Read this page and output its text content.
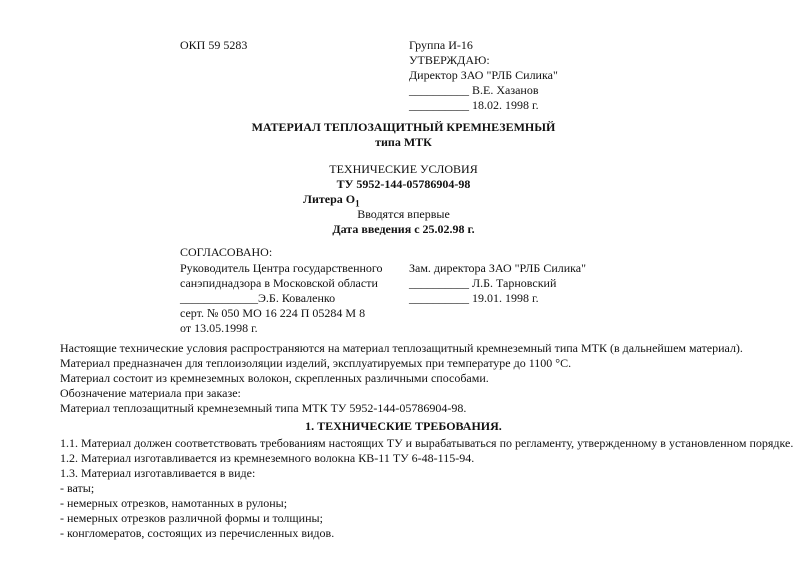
ОКП 59 5283	Группа И-16
УТВЕРЖДАЮ:
Директор ЗАО "РЛБ Силика"
__________ В.Е. Хазанов
__________ 18.02. 1998 г.
МАТЕРИАЛ ТЕПЛОЗАЩИТНЫЙ КРЕМНЕЗЕМНЫЙ
типа МТК
ТЕХНИЧЕСКИЕ УСЛОВИЯ
ТУ 5952-144-05786904-98
Литера $О_1$
Вводятся впервые
Дата введения с 25.02.98 г.
СОГЛАСОВАНО:
Руководитель Центра государственного
санэпиднадзора в Московской области
_____________Э.Б. Коваленко
серт. № 050 МО 16 224 П 05284 М 8
от 13.05.1998 г.
Зам. директора ЗАО "РЛБ Силика"
__________ Л.Б. Тарновский
__________ 19.01. 1998 г.
Настоящие технические условия распространяются на материал теплозащитный кремнеземный типа МТК (в дальнейшем материал).
Материал предназначен для теплоизоляции изделий, эксплуатируемых при температуре до 1100 °С.
Материал состоит из кремнеземных волокон, скрепленных различными способами.
Обозначение материала при заказе:
Материал теплозащитный кремнеземный типа МТК ТУ 5952-144-05786904-98.
1. ТЕХНИЧЕСКИЕ ТРЕБОВАНИЯ.
1.1. Материал должен соответствовать требованиям настоящих ТУ и вырабатываться по регламенту, утвержденному в установленном порядке.
1.2. Материал изготавливается из кремнеземного волокна КВ-11 ТУ 6-48-115-94.
1.3. Материал изготавливается в виде:
- ваты;
- немерных отрезков, намотанных в рулоны;
- немерных отрезков различной формы и толщины;
- конгломератов, состоящих из перечисленных видов.
